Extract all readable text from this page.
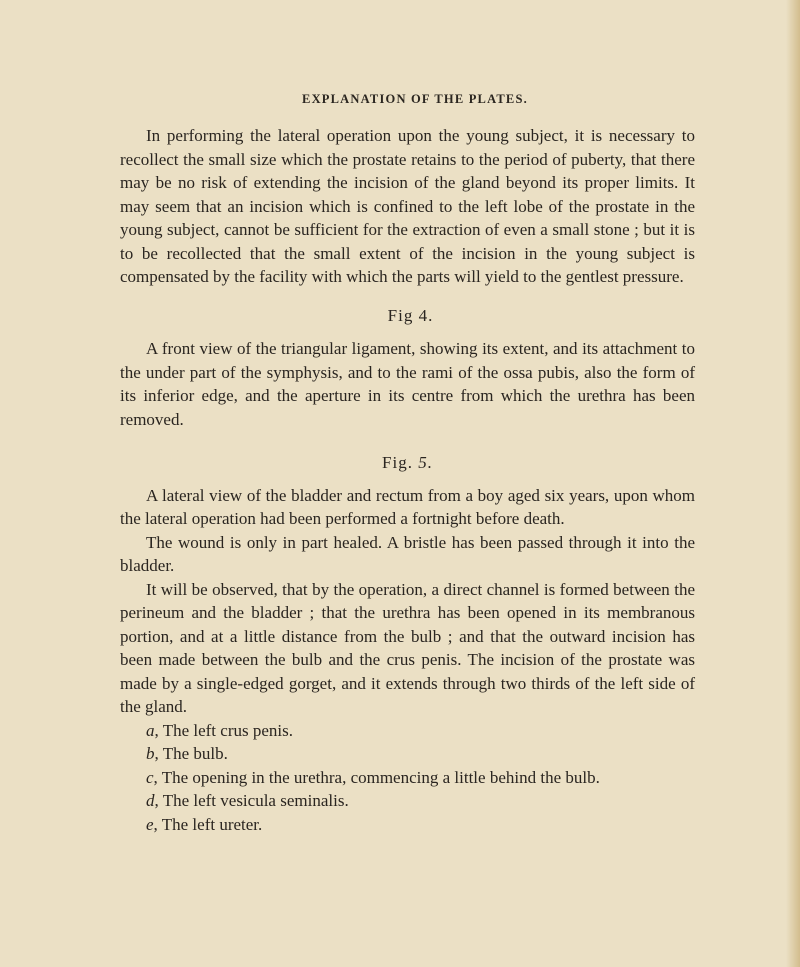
EXPLANATION OF THE PLATES.

In performing the lateral operation upon the young subject, it is necessary to recollect the small size which the prostate retains to the period of puberty, that there may be no risk of extending the incision of the gland beyond its proper limits. It may seem that an incision which is confined to the left lobe of the prostate in the young subject, cannot be sufficient for the extraction of even a small stone ; but it is to be recollected that the small extent of the incision in the young subject is compensated by the facility with which the parts will yield to the gentlest pressure.

Fig 4.

A front view of the triangular ligament, showing its extent, and its attachment to the under part of the symphysis, and to the rami of the ossa pubis, also the form of its inferior edge, and the aperture in its centre from which the urethra has been removed.

Fig. 5.

A lateral view of the bladder and rectum from a boy aged six years, upon whom the lateral operation had been performed a fortnight before death.

The wound is only in part healed. A bristle has been passed through it into the bladder.

It will be observed, that by the operation, a direct channel is formed between the perineum and the bladder ; that the urethra has been opened in its membranous portion, and at a little distance from the bulb ; and that the outward incision has been made between the bulb and the crus penis. The incision of the prostate was made by a single-edged gorget, and it extends through two thirds of the left side of the gland.

a, The left crus penis.

b, The bulb.

c, The opening in the urethra, commencing a little behind the bulb.

d, The left vesicula seminalis.

e, The left ureter.
